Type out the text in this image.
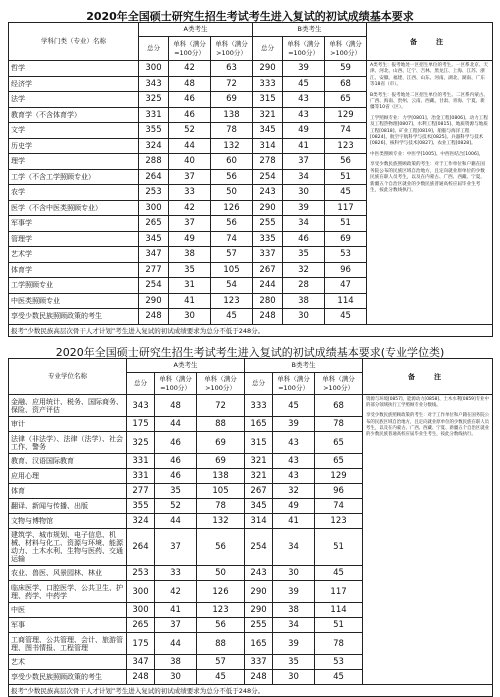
2020年全国硕士研究生招生考试考生进入复试的初试成绩基本要求
学科门类（专业）名称	A类考生			B类考生			备　注
	总分	单科（满分=100分）	单科（满分>100分）	总分	单科（满分=100分）	单科（满分>100分）	
哲学	300	42	63	290	39	59	A类考生：报考地处一区招生单位的考生。一区系北京、天津、河北、山西、辽宁、吉林、黑龙江、上海、江苏、浙江、安徽、福建、江西、山东、河南、湖北、湖南、广东等18省（市）。

B类考生：报考地处二区招生单位的考生。二区系内蒙古、广西、海南、贵州、云南、西藏、甘肃、青海、宁夏、新疆等10省（区）。

工学照顾专业：力学[0801]、冶金工程[0806]、动力工程及工程热物理[0807]、水利工程[0815]、地质资源与地质工程[0818]、矿业工程[0819]、船舶与海洋工程[0824]、航空宇航科学与技术[0825]、兵器科学与技术[0826]、核科学与技术[0827]、农业工程[0828]。

中医类照顾专业：中医学[1005]、中西医结合[1006]。

享受少数民族照顾政策的考生：对于工作单位和户籍在国务院公布的民族区域自治地方，且定向就业原单位的少数民族在职人员考生，以及在内蒙古、广西、西藏、宁夏、新疆五个自治区就业的少数民族普通高校应届毕业生考生，按此分数线执行。

经济学	343	48	72	333	45	68	
法学	325	46	69	315	43	65	
教育学（不含体育学）	331	46	138	321	43	129	
文学	355	52	78	345	49	74	
历史学	324	44	132	314	41	123	
理学	288	40	60	278	37	56	
工学（不含工学照顾专业）	264	37	56	254	34	51	
农学	253	33	50	243	30	45	
医学（不含中医类照顾专业）	300	42	126	290	39	117	
军事学	265	37	56	255	34	51	
管理学	345	49	74	335	46	69	
艺术学	347	38	57	337	35	53	
体育学	277	35	105	267	32	96	
工学照顾专业	254	31	54	244	28	47	
中医类照顾专业	290	41	123	280	38	114	
享受少数民族照顾政策的考生	248	30	45	248	30	45	
报考“少数民族高层次骨干人才计划”考生进入复试的初试成绩要求为总分不低于248分。							
2020年全国硕士研究生招生考试考生进入复试的初试成绩基本要求(专业学位类)
专业学位名称	A类考生			B类考生			备　注
	总分	单科（满分=100分）	单科（满分>100分）	总分	单科（满分=100分）	单科（满分>100分）	
金融、应用统计、税务、国际商务、保险、资产评估	343	48	72	333	45	68	资源与环境[0857]、能源动力[0858]、土木水利[0859]专业中的部分领域执行工学照顾专业分数线。

享受少数民族照顾政策的考生：对于工作单位和户籍在国务院公布的民族区域自治地方，且定向就业原单位的少数民族在职人员考生，以及在内蒙古、广西、西藏、宁夏、新疆五个自治区就业的少数民族普通高校应届毕业生考生，按此分数线执行。

审计	175	44	88	165	39	78	
法律（非法学）、法律（法学）、社会工作、警务	325	46	69	315	43	65	
教育、汉语国际教育	331	46	69	321	43	65	
应用心理	331	46	138	321	43	129	
体育	277	35	105	267	32	96	
翻译、新闻与传播、出版	355	52	78	345	49	74	
文物与博物馆	324	44	132	314	41	123	
建筑学、城市规划、电子信息、机械、材料与化工、资源与环境、能源动力、土木水利、生物与医药、交通运输	264	37	56	254	34	51	
农业、兽医、风景园林、林业	253	33	50	243	30	45	
临床医学、口腔医学、公共卫生、护理、药学、中药学	300	42	126	290	39	117	
中医	300	41	123	290	38	114	
军事	265	37	56	255	34	51	
工商管理、公共管理、会计、旅游管理、图书情报、工程管理	175	44	88	165	39	78	
艺术	347	38	57	337	35	53	
享受少数民族照顾政策的考生	248	30	45	248	30	45	
报考“少数民族高层次骨干人才计划”考生进入复试的初试成绩要求为总分不低于248分。							
